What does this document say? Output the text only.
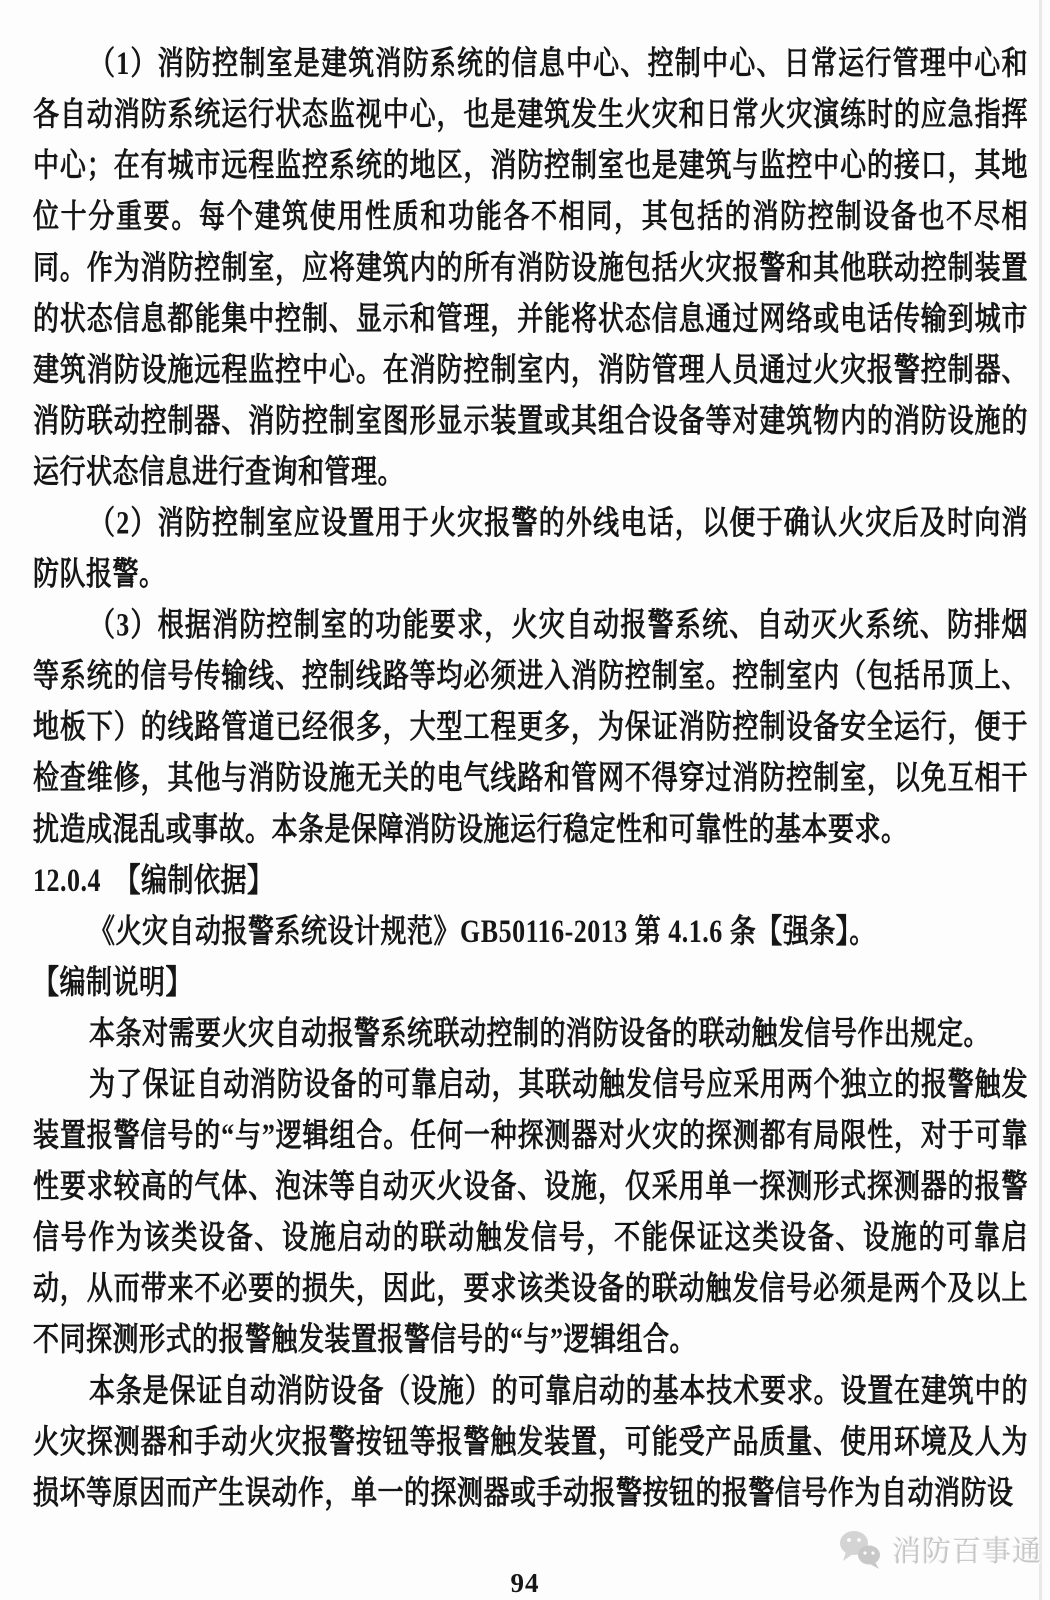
（1）消防控制室是建筑消防系统的信息中心、控制中心、日常运行管理中心和各自动消防系统运行状态监视中心，也是建筑发生火灾和日常火灾演练时的应急指挥中心；在有城市远程监控系统的地区，消防控制室也是建筑与监控中心的接口，其地位十分重要。每个建筑使用性质和功能各不相同，其包括的消防控制设备也不尽相同。作为消防控制室，应将建筑内的所有消防设施包括火灾报警和其他联动控制装置的状态信息都能集中控制、显示和管理，并能将状态信息通过网络或电话传输到城市建筑消防设施远程监控中心。在消防控制室内，消防管理人员通过火灾报警控制器、消防联动控制器、消防控制室图形显示装置或其组合设备等对建筑物内的消防设施的运行状态信息进行查询和管理。

（2）消防控制室应设置用于火灾报警的外线电话，以便于确认火灾后及时向消防队报警。

（3）根据消防控制室的功能要求，火灾自动报警系统、自动灭火系统、防排烟等系统的信号传输线、控制线路等均必须进入消防控制室。控制室内（包括吊顶上、地板下）的线路管道已经很多，大型工程更多，为保证消防控制设备安全运行，便于检查维修，其他与消防设施无关的电气线路和管网不得穿过消防控制室，以免互相干扰造成混乱或事故。本条是保障消防设施运行稳定性和可靠性的基本要求。

12.0.4　【编制依据】

《火灾自动报警系统设计规范》GB50116-2013 第 4.1.6 条【强条】。

【编制说明】

本条对需要火灾自动报警系统联动控制的消防设备的联动触发信号作出规定。

为了保证自动消防设备的可靠启动，其联动触发信号应采用两个独立的报警触发装置报警信号的“与”逻辑组合。任何一种探测器对火灾的探测都有局限性，对于可靠性要求较高的气体、泡沫等自动灭火设备、设施，仅采用单一探测形式探测器的报警信号作为该类设备、设施启动的联动触发信号，不能保证这类设备、设施的可靠启动，从而带来不必要的损失，因此，要求该类设备的联动触发信号必须是两个及以上不同探测形式的报警触发装置报警信号的“与”逻辑组合。

本条是保证自动消防设备（设施）的可靠启动的基本技术要求。设置在建筑中的火灾探测器和手动火灾报警按钮等报警触发装置，可能受产品质量、使用环境及人为损坏等原因而产生误动作，单一的探测器或手动报警按钮的报警信号作为自动消防设

消防百事通
94
